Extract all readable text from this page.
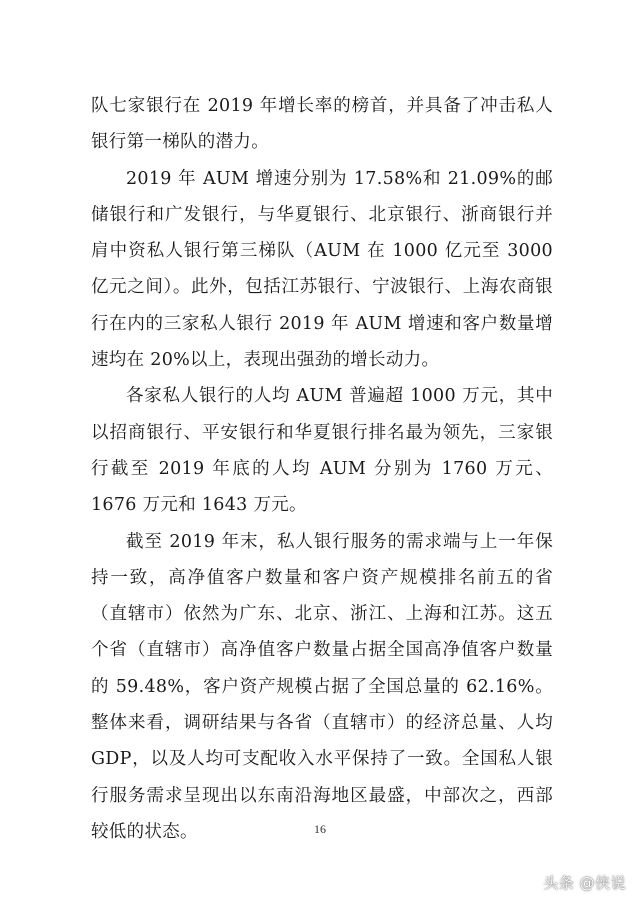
队七家银行在 2019 年增长率的榜首，并具备了冲击私人银行第一梯队的潜力。

2019 年 AUM 增速分别为 17.58%和 21.09%的邮储银行和广发银行，与华夏银行、北京银行、浙商银行并肩中资私人银行第三梯队（AUM 在 1000 亿元至 3000 亿元之间）。此外，包括江苏银行、宁波银行、上海农商银行在内的三家私人银行 2019 年 AUM 增速和客户数量增速均在 20%以上，表现出强劲的增长动力。

各家私人银行的人均 AUM 普遍超 1000 万元，其中以招商银行、平安银行和华夏银行排名最为领先，三家银行截至 2019 年底的人均 AUM 分别为 1760 万元、1676 万元和 1643 万元。

截至 2019 年末，私人银行服务的需求端与上一年保持一致，高净值客户数量和客户资产规模排名前五的省（直辖市）依然为广东、北京、浙江、上海和江苏。这五个省（直辖市）高净值客户数量占据全国高净值客户数量的 59.48%，客户资产规模占据了全国总量的 62.16%。整体来看，调研结果与各省（直辖市）的经济总量、人均 GDP，以及人均可支配收入水平保持了一致。全国私人银行服务需求呈现出以东南沿海地区最盛，中部次之，西部较低的状态。	16
头条 @侠说
